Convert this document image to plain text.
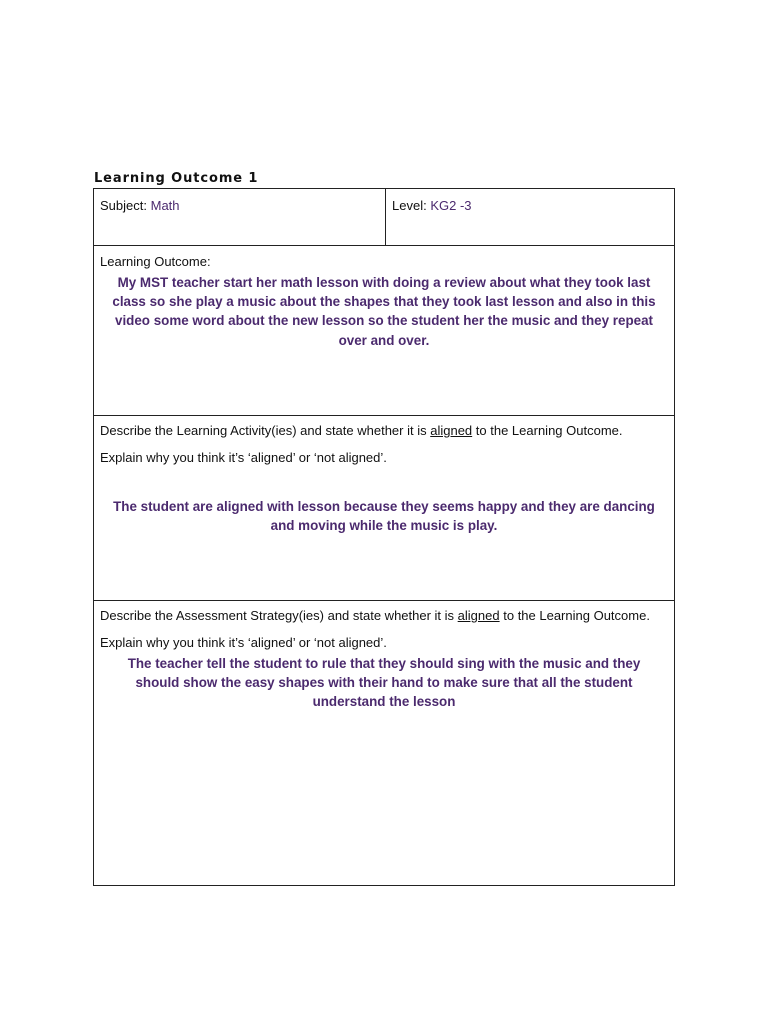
Learning Outcome 1
Subject: Math	Level: KG2 -3
Learning Outcome:
My MST teacher start her math lesson with doing a review about what they took last class so she play a music about the shapes that they took last lesson and also in this video some word about the new lesson so the student her the music and they repeat over and over.
Describe the Learning Activity(ies) and state whether it is aligned to the Learning Outcome.
Explain why you think it’s ‘aligned’ or ‘not aligned’.
The student are aligned with lesson because they seems happy and they are dancing and moving while the music is play.
Describe the Assessment Strategy(ies) and state whether it is aligned to the Learning Outcome.
Explain why you think it’s ‘aligned’ or ‘not aligned’.
The teacher tell the student to rule that they should sing with the music and they should show the easy shapes with their hand to make sure that all the student understand the lesson
